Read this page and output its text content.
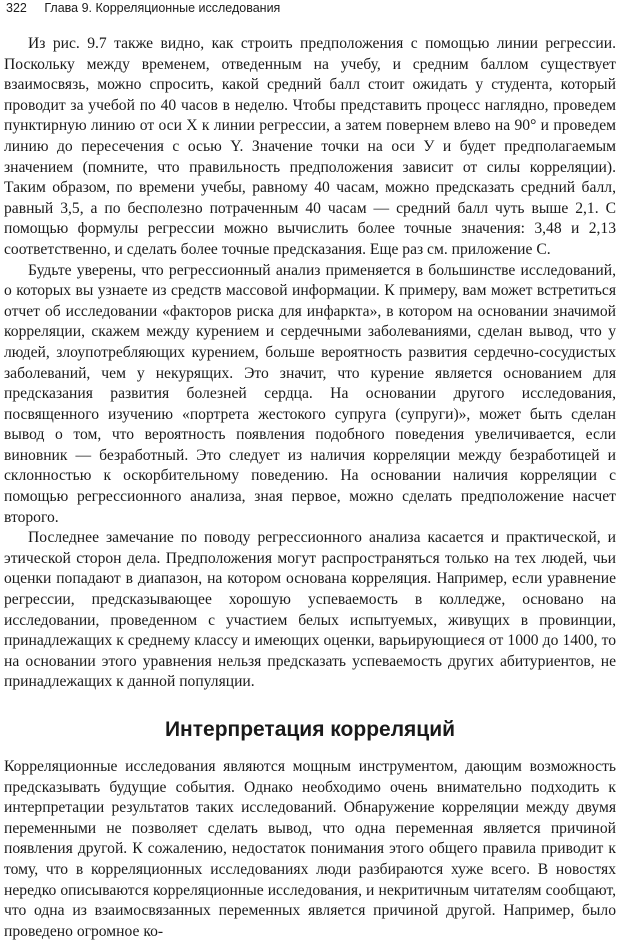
322 Глава 9. Корреляционные исследования

Из рис. 9.7 также видно, как строить предположения с помощью линии регрессии. Поскольку между временем, отведенным на учебу, и средним баллом существует взаимосвязь, можно спросить, какой средний балл стоит ожидать у студента, который проводит за учебой по 40 часов в неделю. Чтобы представить процесс наглядно, проведем пунктирную линию от оси X к линии регрессии, а затем повернем влево на 90° и проведем линию до пересечения с осью Y. Значение точки на оси У и будет предполагаемым значением (помните, что правильность предположения зависит от силы корреляции). Таким образом, по времени учебы, равному 40 часам, можно предсказать средний балл, равный 3,5, а по бесполезно потраченным 40 часам — средний балл чуть выше 2,1. С помощью формулы регрессии можно вычислить более точные значения: 3,48 и 2,13 соответственно, и сделать более точные предсказания. Еще раз см. приложение С.

Будьте уверены, что регрессионный анализ применяется в большинстве исследований, о которых вы узнаете из средств массовой информации. К примеру, вам может встретиться отчет об исследовании «факторов риска для инфаркта», в котором на основании значимой корреляции, скажем между курением и сердечными заболеваниями, сделан вывод, что у людей, злоупотребляющих курением, больше вероятность развития сердечно-сосудистых заболеваний, чем у некурящих. Это значит, что курение является основанием для предсказания развития болезней сердца. На основании другого исследования, посвященного изучению «портрета жестокого супруга (супруги)», может быть сделан вывод о том, что вероятность появления подобного поведения увеличивается, если виновник — безработный. Это следует из наличия корреляции между безработицей и склонностью к оскорбительному поведению. На основании наличия корреляции с помощью регрессионного анализа, зная первое, можно сделать предположение насчет второго.

Последнее замечание по поводу регрессионного анализа касается и практической, и этической сторон дела. Предположения могут распространяться только на тех людей, чьи оценки попадают в диапазон, на котором основана корреляция. Например, если уравнение регрессии, предсказывающее хорошую успеваемость в колледже, основано на исследовании, проведенном с участием белых испытуемых, живущих в провинции, принадлежащих к среднему классу и имеющих оценки, варьирующиеся от 1000 до 1400, то на основании этого уравнения нельзя предсказать успеваемость других абитуриентов, не принадлежащих к данной популяции.

Интерпретация корреляций

Корреляционные исследования являются мощным инструментом, дающим возможность предсказывать будущие события. Однако необходимо очень внимательно подходить к интерпретации результатов таких исследований. Обнаружение корреляции между двумя переменными не позволяет сделать вывод, что одна переменная является причиной появления другой. К сожалению, недостаток понимания этого общего правила приводит к тому, что в корреляционных исследованиях люди разбираются хуже всего. В новостях нередко описываются корреляционные исследования, и некритичным читателям сообщают, что одна из взаимосвязанных переменных является причиной другой. Например, было проведено огромное ко-
